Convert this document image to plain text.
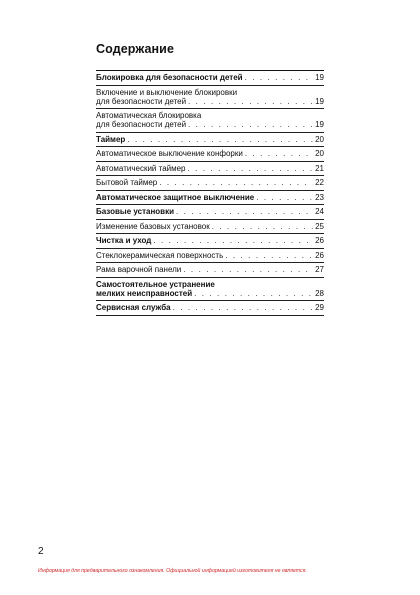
Содержание
Блокировка для безопасности детей . . .	19
Включение и выключение блокировки
для безопасности детей . . .	19
Автоматическая блокировка
для безопасности детей . . .	19
Таймер . . .	20
Автоматическое выключение конфорки . . .	20
Автоматический таймер . . .	21
Бытовой таймер . . .	22
Автоматическое защитное выключение . . .	23
Базовые установки . . .	24
Изменение базовых установок . . .	25
Чистка и уход . . .	26
Стеклокерамическая поверхность . . .	26
Рама варочной панели . . .	27
Самостоятельное устранение
мелких неисправностей . . .	28
Сервисная служба . . .	29
2
Информация для предварительного ознакомления. Официальной информацией изготовителя не является.
